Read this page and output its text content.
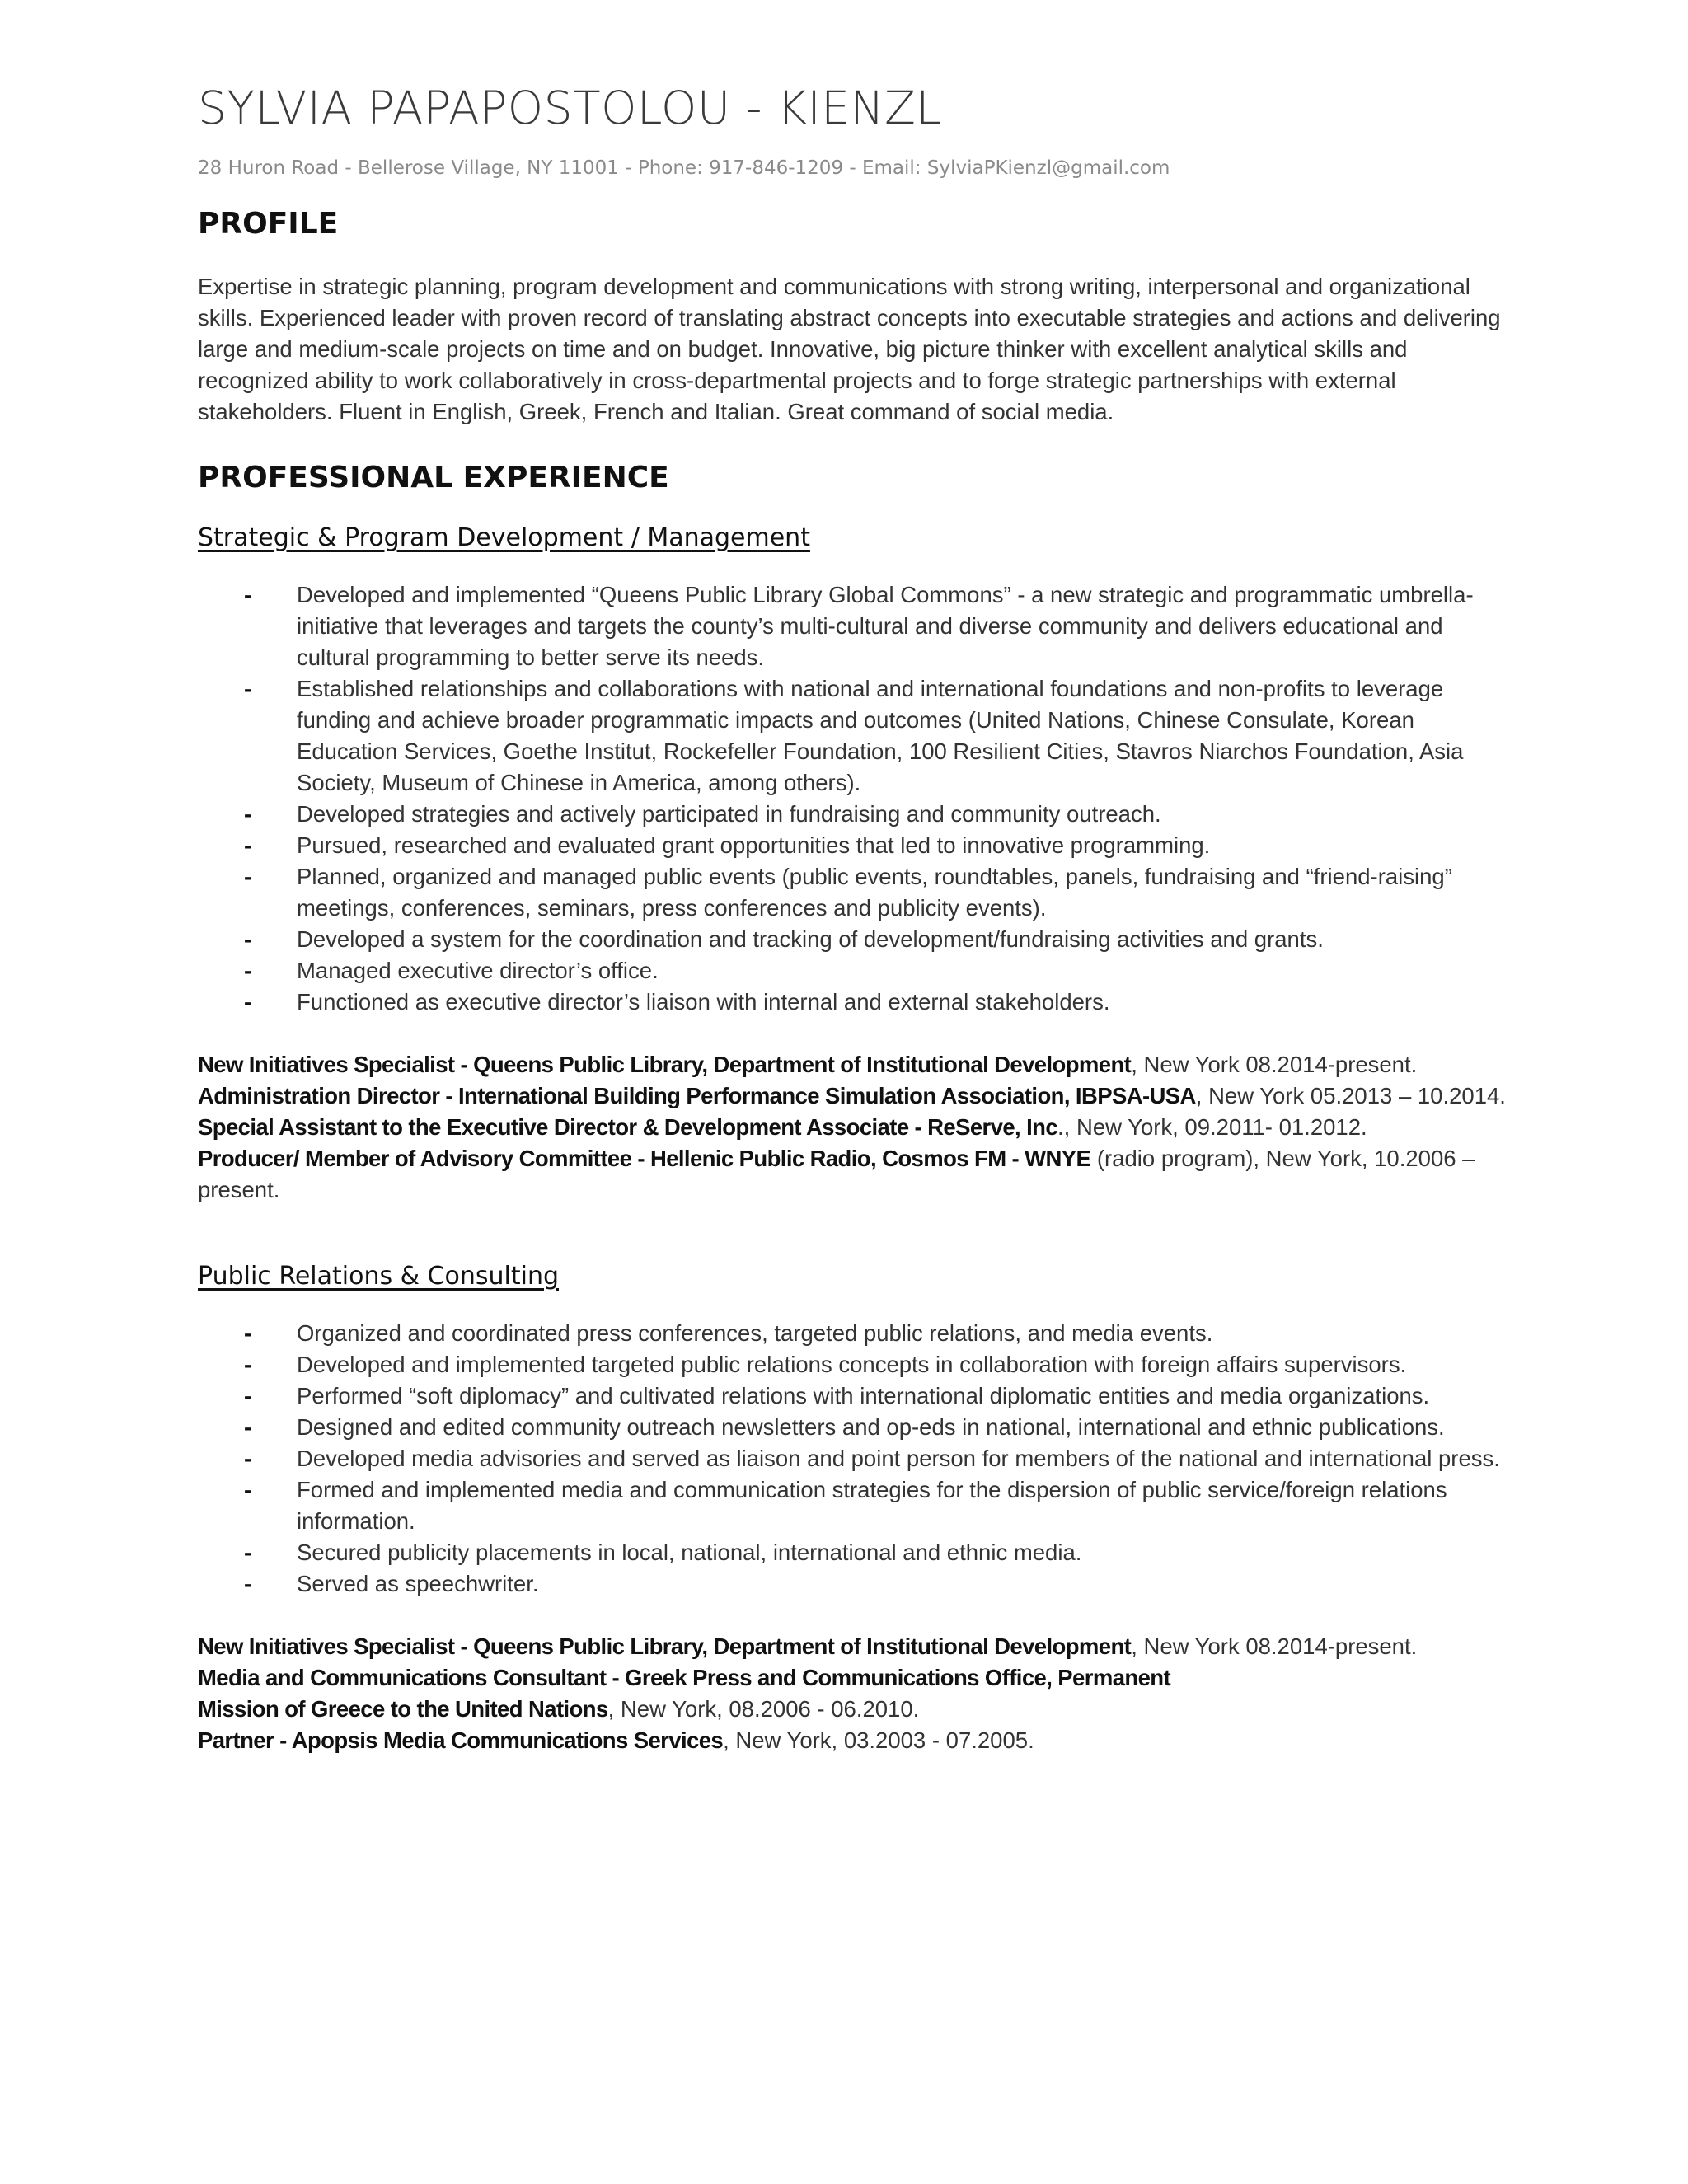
SYLVIA PAPAPOSTOLOU - KIENZL
28 Huron Road - Bellerose Village, NY 11001 - Phone: 917-846-1209 - Email: SylviaPKienzl@gmail.com
PROFILE

Expertise in strategic planning, program development and communications with strong writing, interpersonal and organizational skills. Experienced leader with proven record of translating abstract concepts into executable strategies and actions and delivering large and medium-scale projects on time and on budget. Innovative, big picture thinker with excellent analytical skills and recognized ability to work collaboratively in cross-departmental projects and to forge strategic partnerships with external stakeholders. Fluent in English, Greek, French and Italian. Great command of social media.

PROFESSIONAL EXPERIENCE
Strategic & Program Development / Management
- Developed and implemented “Queens Public Library Global Commons” - a new strategic and programmatic umbrella-initiative that leverages and targets the county’s multi-cultural and diverse community and delivers educational and cultural programming to better serve its needs.
- Established relationships and collaborations with national and international foundations and non-profits to leverage funding and achieve broader programmatic impacts and outcomes (United Nations, Chinese Consulate, Korean Education Services, Goethe Institut, Rockefeller Foundation, 100 Resilient Cities, Stavros Niarchos Foundation, Asia Society, Museum of Chinese in America, among others).
- Developed strategies and actively participated in fundraising and community outreach.
- Pursued, researched and evaluated grant opportunities that led to innovative programming.
- Planned, organized and managed public events (public events, roundtables, panels, fundraising and “friend-raising” meetings, conferences, seminars, press conferences and publicity events).
- Developed a system for the coordination and tracking of development/fundraising activities and grants.
- Managed executive director’s office.
- Functioned as executive director’s liaison with internal and external stakeholders.
New Initiatives Specialist - Queens Public Library, Department of Institutional Development, New York 08.2014-present.
Administration Director - International Building Performance Simulation Association, IBPSA-USA, New York 05.2013 – 10.2014.
Special Assistant to the Executive Director & Development Associate - ReServe, Inc., New York, 09.2011- 01.2012.
Producer/ Member of Advisory Committee - Hellenic Public Radio, Cosmos FM - WNYE (radio program), New York, 10.2006 – present.
Public Relations & Consulting
- Organized and coordinated press conferences, targeted public relations, and media events.
- Developed and implemented targeted public relations concepts in collaboration with foreign affairs supervisors.
- Performed “soft diplomacy” and cultivated relations with international diplomatic entities and media organizations.
- Designed and edited community outreach newsletters and op-eds in national, international and ethnic publications.
- Developed media advisories and served as liaison and point person for members of the national and international press.
- Formed and implemented media and communication strategies for the dispersion of public service/foreign relations information.
- Secured publicity placements in local, national, international and ethnic media.
- Served as speechwriter.
New Initiatives Specialist - Queens Public Library, Department of Institutional Development, New York 08.2014-present.
Media and Communications Consultant - Greek Press and Communications Office, Permanent Mission of Greece to the United Nations, New York, 08.2006 - 06.2010.
Partner - Apopsis Media Communications Services, New York, 03.2003 - 07.2005.
